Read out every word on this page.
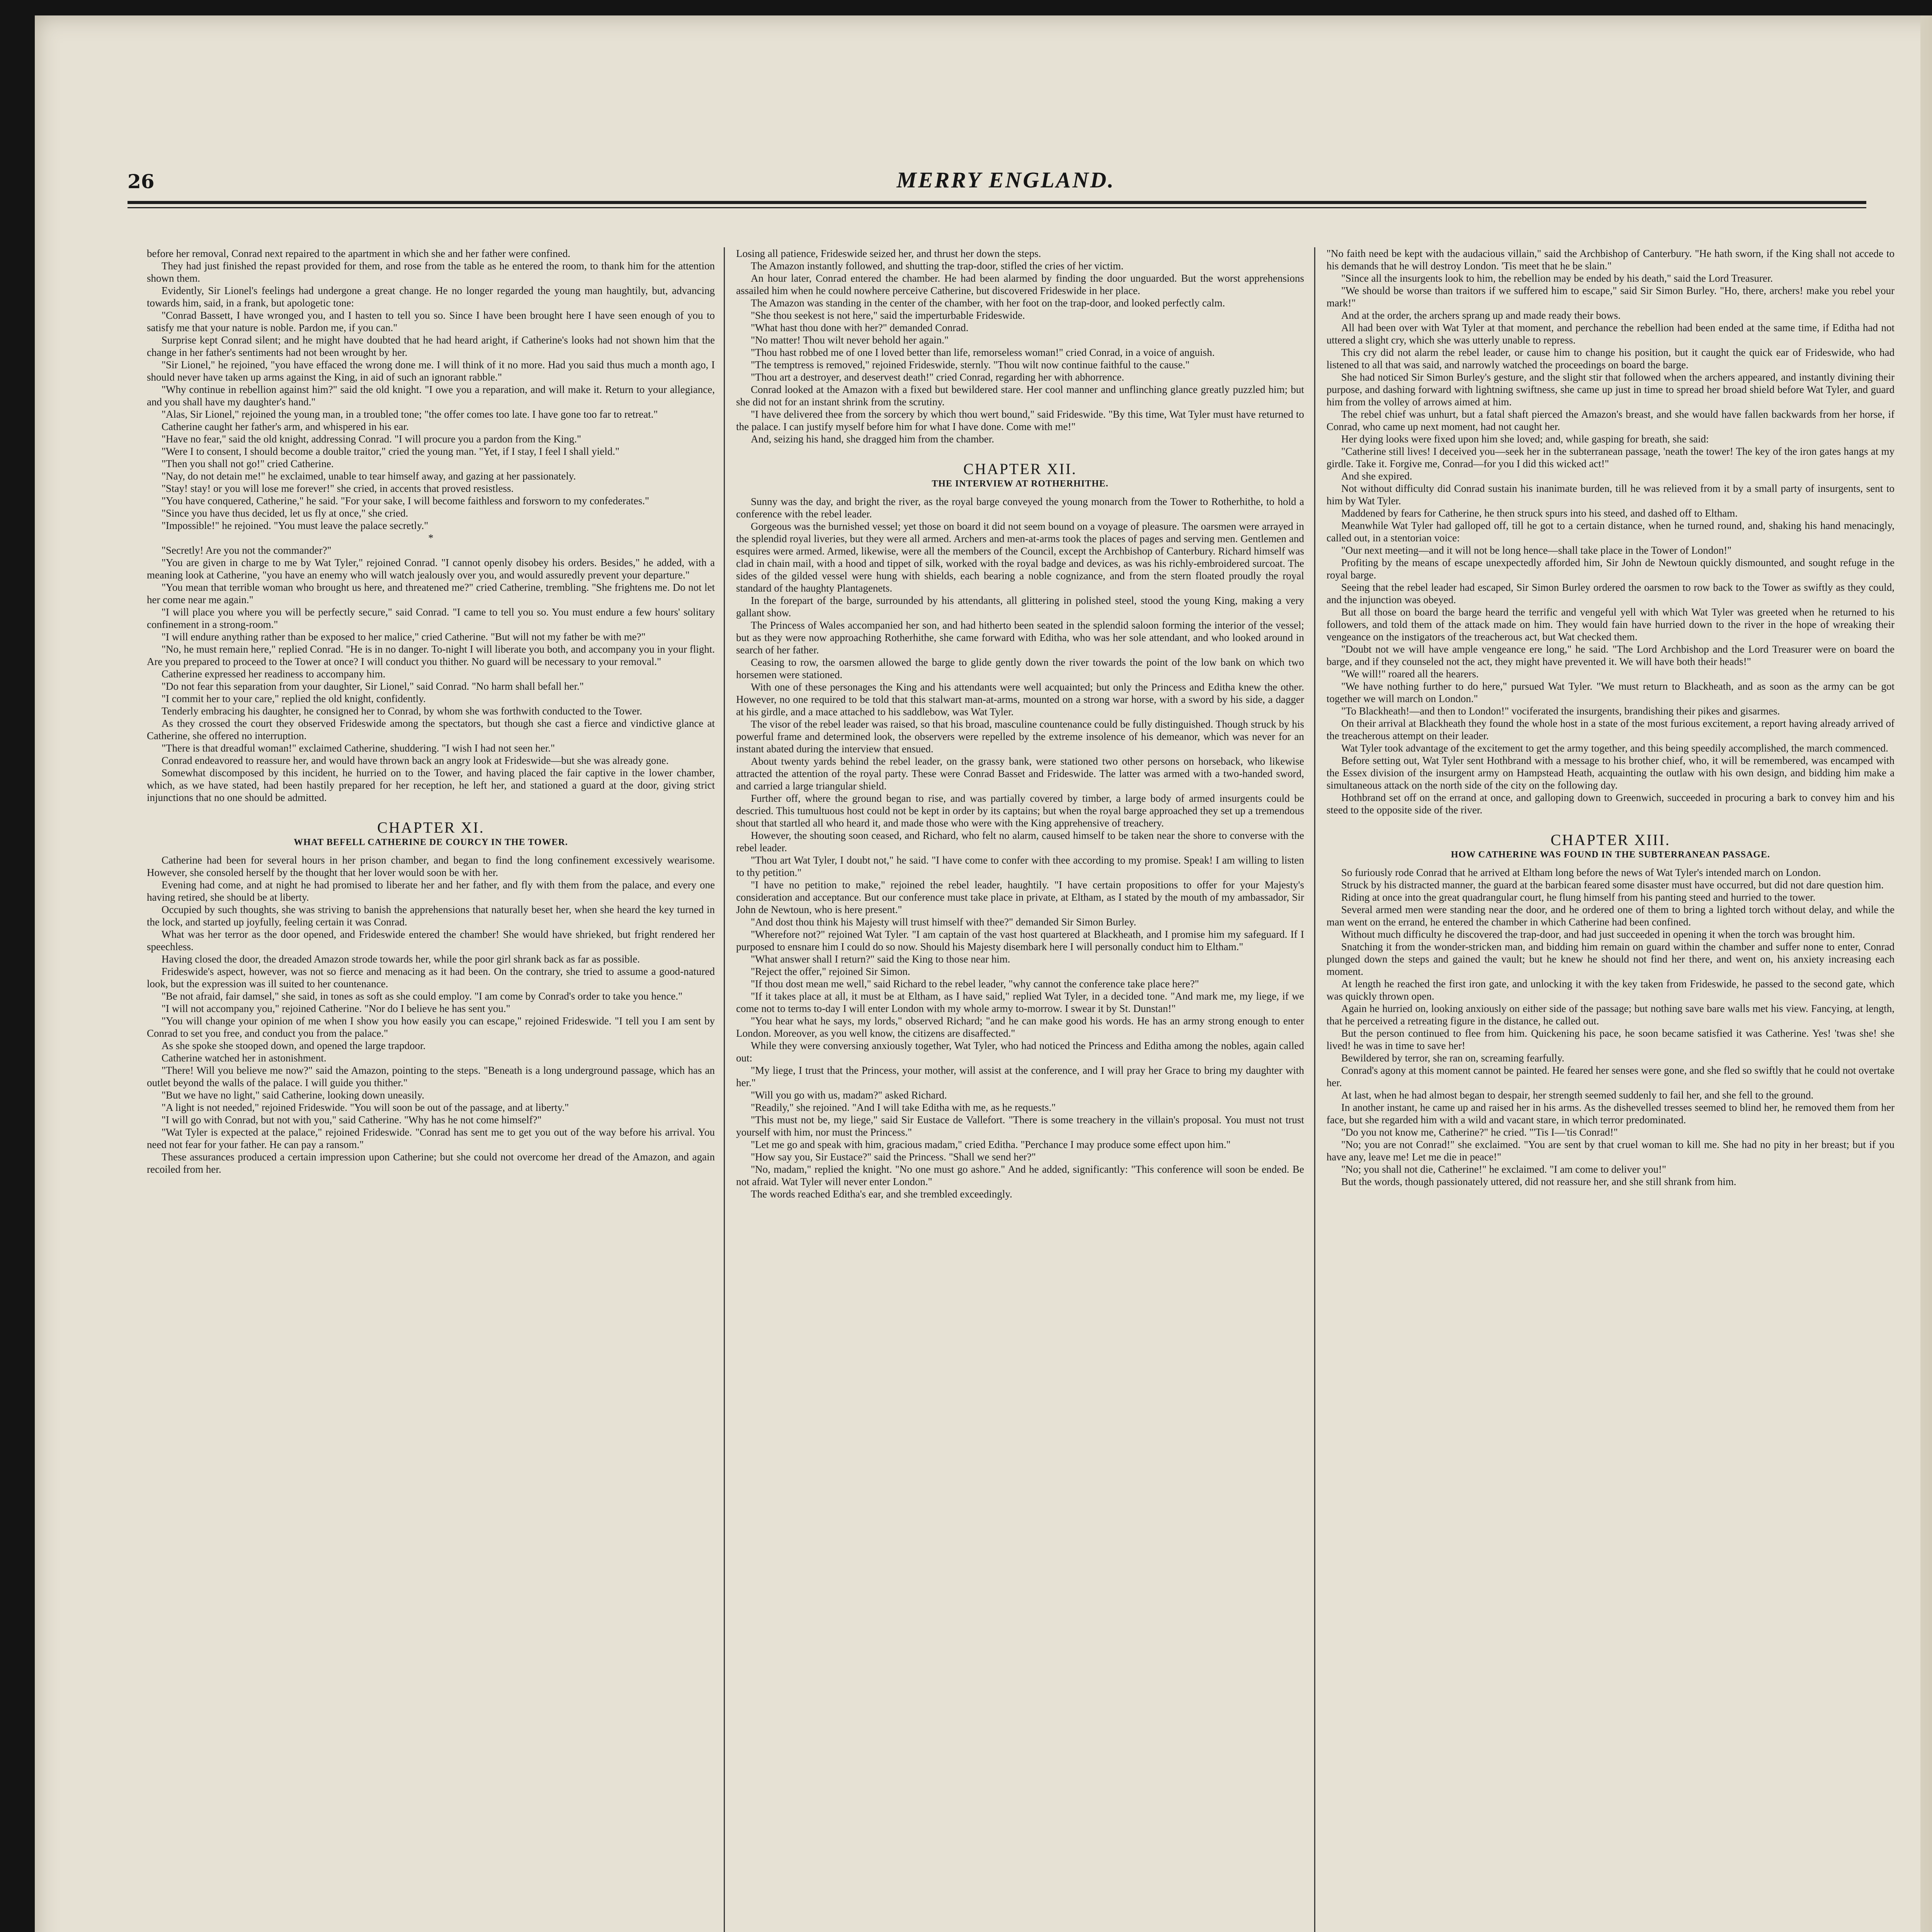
26	MERRY ENGLAND.

before her removal, Conrad next repaired to the apartment in which she and her father were confined.

They had just finished the repast provided for them, and rose from the table as he entered the room, to thank him for the attention shown them.

Evidently, Sir Lionel's feelings had undergone a great change. He no longer regarded the young man haughtily, but, advancing towards him, said, in a frank, but apologetic tone:

"Conrad Bassett, I have wronged you, and I hasten to tell you so. Since I have been brought here I have seen enough of you to satisfy me that your nature is noble. Pardon me, if you can."

Surprise kept Conrad silent; and he might have doubted that he had heard aright, if Catherine's looks had not shown him that the change in her father's sentiments had not been wrought by her.

"Sir Lionel," he rejoined, "you have effaced the wrong done me. I will think of it no more. Had you said thus much a month ago, I should never have taken up arms against the King, in aid of such an ignorant rabble."

"Why continue in rebellion against him?" said the old knight. "I owe you a reparation, and will make it. Return to your allegiance, and you shall have my daughter's hand."

"Alas, Sir Lionel," rejoined the young man, in a troubled tone; "the offer comes too late. I have gone too far to retreat."

Catherine caught her father's arm, and whispered in his ear.

"Have no fear," said the old knight, addressing Conrad. "I will procure you a pardon from the King."

"Were I to consent, I should become a double traitor," cried the young man. "Yet, if I stay, I feel I shall yield."

"Then you shall not go!" cried Catherine.

"Nay, do not detain me!" he exclaimed, unable to tear himself away, and gazing at her passionately.

"Stay! stay! or you will lose me forever!" she cried, in accents that proved resistless.

"You have conquered, Catherine," he said. "For your sake, I will become faithless and forsworn to my confederates."

"Since you have thus decided, let us fly at once," she cried.

"Impossible!" he rejoined. "You must leave the palace secretly."

*

"Secretly! Are you not the commander?"

"You are given in charge to me by Wat Tyler," rejoined Conrad. "I cannot openly disobey his orders. Besides," he added, with a meaning look at Catherine, "you have an enemy who will watch jealously over you, and would assuredly prevent your departure."

"You mean that terrible woman who brought us here, and threatened me?" cried Catherine, trembling. "She frightens me. Do not let her come near me again."

"I will place you where you will be perfectly secure," said Conrad. "I came to tell you so. You must endure a few hours' solitary confinement in a strong-room."

"I will endure anything rather than be exposed to her malice," cried Catherine. "But will not my father be with me?"

"No, he must remain here," replied Conrad. "He is in no danger. To-night I will liberate you both, and accompany you in your flight. Are you prepared to proceed to the Tower at once? I will conduct you thither. No guard will be necessary to your removal."

Catherine expressed her readiness to accompany him.

"Do not fear this separation from your daughter, Sir Lionel," said Conrad. "No harm shall befall her."

"I commit her to your care," replied the old knight, confidently.

Tenderly embracing his daughter, he consigned her to Conrad, by whom she was forthwith conducted to the Tower.

As they crossed the court they observed Frideswide among the spectators, but though she cast a fierce and vindictive glance at Catherine, she offered no interruption.

"There is that dreadful woman!" exclaimed Catherine, shuddering. "I wish I had not seen her."

Conrad endeavored to reassure her, and would have thrown back an angry look at Frideswide—but she was already gone.

Somewhat discomposed by this incident, he hurried on to the Tower, and having placed the fair captive in the lower chamber, which, as we have stated, had been hastily prepared for her reception, he left her, and stationed a guard at the door, giving strict injunctions that no one should be admitted.

CHAPTER XI.
WHAT BEFELL CATHERINE DE COURCY IN THE TOWER.

Catherine had been for several hours in her prison chamber, and began to find the long confinement excessively wearisome. However, she consoled herself by the thought that her lover would soon be with her.

Evening had come, and at night he had promised to liberate her and her father, and fly with them from the palace, and every one having retired, she should be at liberty.

Occupied by such thoughts, she was striving to banish the apprehensions that naturally beset her, when she heard the key turned in the lock, and started up joyfully, feeling certain it was Conrad.

What was her terror as the door opened, and Frideswide entered the chamber! She would have shrieked, but fright rendered her speechless.

Having closed the door, the dreaded Amazon strode towards her, while the poor girl shrank back as far as possible.

Frideswide's aspect, however, was not so fierce and menacing as it had been. On the contrary, she tried to assume a good-natured look, but the expression was ill suited to her countenance.

"Be not afraid, fair damsel," she said, in tones as soft as she could employ. "I am come by Conrad's order to take you hence."

"I will not accompany you," rejoined Catherine. "Nor do I believe he has sent you."

"You will change your opinion of me when I show you how easily you can escape," rejoined Frideswide. "I tell you I am sent by Conrad to set you free, and conduct you from the palace."

As she spoke she stooped down, and opened the large trapdoor.

Catherine watched her in astonishment.

"There! Will you believe me now?" said the Amazon, pointing to the steps. "Beneath is a long underground passage, which has an outlet beyond the walls of the palace. I will guide you thither."

"But we have no light," said Catherine, looking down uneasily.

"A light is not needed," rejoined Frideswide. "You will soon be out of the passage, and at liberty."

"I will go with Conrad, but not with you," said Catherine. "Why has he not come himself?"

"Wat Tyler is expected at the palace," rejoined Frideswide. "Conrad has sent me to get you out of the way before his arrival. You need not fear for your father. He can pay a ransom."

These assurances produced a certain impression upon Catherine; but she could not overcome her dread of the Amazon, and again recoiled from her.

Losing all patience, Frideswide seized her, and thrust her down the steps.

The Amazon instantly followed, and shutting the trap-door, stifled the cries of her victim.

An hour later, Conrad entered the chamber. He had been alarmed by finding the door unguarded. But the worst apprehensions assailed him when he could nowhere perceive Catherine, but discovered Frideswide in her place.

The Amazon was standing in the center of the chamber, with her foot on the trap-door, and looked perfectly calm.

"She thou seekest is not here," said the imperturbable Frideswide.

"What hast thou done with her?" demanded Conrad.

"No matter! Thou wilt never behold her again."

"Thou hast robbed me of one I loved better than life, remorseless woman!" cried Conrad, in a voice of anguish.

"The temptress is removed," rejoined Frideswide, sternly. "Thou wilt now continue faithful to the cause."

"Thou art a destroyer, and deservest death!" cried Conrad, regarding her with abhorrence.

Conrad looked at the Amazon with a fixed but bewildered stare. Her cool manner and unflinching glance greatly puzzled him; but she did not for an instant shrink from the scrutiny.

"I have delivered thee from the sorcery by which thou wert bound," said Frideswide. "By this time, Wat Tyler must have returned to the palace. I can justify myself before him for what I have done. Come with me!"

And, seizing his hand, she dragged him from the chamber.

CHAPTER XII.
THE INTERVIEW AT ROTHERHITHE.

Sunny was the day, and bright the river, as the royal barge conveyed the young monarch from the Tower to Rotherhithe, to hold a conference with the rebel leader.

Gorgeous was the burnished vessel; yet those on board it did not seem bound on a voyage of pleasure. The oarsmen were arrayed in the splendid royal liveries, but they were all armed. Archers and men-at-arms took the places of pages and serving men. Gentlemen and esquires were armed. Armed, likewise, were all the members of the Council, except the Archbishop of Canterbury. Richard himself was clad in chain mail, with a hood and tippet of silk, worked with the royal badge and devices, as was his richly-embroidered surcoat. The sides of the gilded vessel were hung with shields, each bearing a noble cognizance, and from the stern floated proudly the royal standard of the haughty Plantagenets.

In the forepart of the barge, surrounded by his attendants, all glittering in polished steel, stood the young King, making a very gallant show.

The Princess of Wales accompanied her son, and had hitherto been seated in the splendid saloon forming the interior of the vessel; but as they were now approaching Rotherhithe, she came forward with Editha, who was her sole attendant, and who looked around in search of her father.

Ceasing to row, the oarsmen allowed the barge to glide gently down the river towards the point of the low bank on which two horsemen were stationed.

With one of these personages the King and his attendants were well acquainted; but only the Princess and Editha knew the other. However, no one required to be told that this stalwart man-at-arms, mounted on a strong war horse, with a sword by his side, a dagger at his girdle, and a mace attached to his saddlebow, was Wat Tyler.

The visor of the rebel leader was raised, so that his broad, masculine countenance could be fully distinguished. Though struck by his powerful frame and determined look, the observers were repelled by the extreme insolence of his demeanor, which was never for an instant abated during the interview that ensued.

About twenty yards behind the rebel leader, on the grassy bank, were stationed two other persons on horseback, who likewise attracted the attention of the royal party. These were Conrad Basset and Frideswide. The latter was armed with a two-handed sword, and carried a large triangular shield.

Further off, where the ground began to rise, and was partially covered by timber, a large body of armed insurgents could be descried. This tumultuous host could not be kept in order by its captains; but when the royal barge approached they set up a tremendous shout that startled all who heard it, and made those who were with the King apprehensive of treachery.

However, the shouting soon ceased, and Richard, who felt no alarm, caused himself to be taken near the shore to converse with the rebel leader.

"Thou art Wat Tyler, I doubt not," he said. "I have come to confer with thee according to my promise. Speak! I am willing to listen to thy petition."

"I have no petition to make," rejoined the rebel leader, haughtily. "I have certain propositions to offer for your Majesty's consideration and acceptance. But our conference must take place in private, at Eltham, as I stated by the mouth of my ambassador, Sir John de Newtoun, who is here present."

"And dost thou think his Majesty will trust himself with thee?" demanded Sir Simon Burley.

"Wherefore not?" rejoined Wat Tyler. "I am captain of the vast host quartered at Blackheath, and I promise him my safeguard. If I purposed to ensnare him I could do so now. Should his Majesty disembark here I will personally conduct him to Eltham."

"What answer shall I return?" said the King to those near him.

"Reject the offer," rejoined Sir Simon.

"If thou dost mean me well," said Richard to the rebel leader, "why cannot the conference take place here?"

"If it takes place at all, it must be at Eltham, as I have said," replied Wat Tyler, in a decided tone. "And mark me, my liege, if we come not to terms to-day I will enter London with my whole army to-morrow. I swear it by St. Dunstan!"

"You hear what he says, my lords," observed Richard; "and he can make good his words. He has an army strong enough to enter London. Moreover, as you well know, the citizens are disaffected."

While they were conversing anxiously together, Wat Tyler, who had noticed the Princess and Editha among the nobles, again called out:

"My liege, I trust that the Princess, your mother, will assist at the conference, and I will pray her Grace to bring my daughter with her."

"Will you go with us, madam?" asked Richard.

"Readily," she rejoined. "And I will take Editha with me, as he requests."

"This must not be, my liege," said Sir Eustace de Vallefort. "There is some treachery in the villain's proposal. You must not trust yourself with him, nor must the Princess."

"Let me go and speak with him, gracious madam," cried Editha. "Perchance I may produce some effect upon him."

"How say you, Sir Eustace?" said the Princess. "Shall we send her?"

"No, madam," replied the knight. "No one must go ashore." And he added, significantly: "This conference will soon be ended. Be not afraid. Wat Tyler will never enter London."

The words reached Editha's ear, and she trembled exceedingly.

"No faith need be kept with the audacious villain," said the Archbishop of Canterbury. "He hath sworn, if the King shall not accede to his demands that he will destroy London. 'Tis meet that he be slain."

"Since all the insurgents look to him, the rebellion may be ended by his death," said the Lord Treasurer.

"We should be worse than traitors if we suffered him to escape," said Sir Simon Burley. "Ho, there, archers! make you rebel your mark!"

And at the order, the archers sprang up and made ready their bows.

All had been over with Wat Tyler at that moment, and perchance the rebellion had been ended at the same time, if Editha had not uttered a slight cry, which she was utterly unable to repress.

This cry did not alarm the rebel leader, or cause him to change his position, but it caught the quick ear of Frideswide, who had listened to all that was said, and narrowly watched the proceedings on board the barge.

She had noticed Sir Simon Burley's gesture, and the slight stir that followed when the archers appeared, and instantly divining their purpose, and dashing forward with lightning swiftness, she came up just in time to spread her broad shield before Wat Tyler, and guard him from the volley of arrows aimed at him.

The rebel chief was unhurt, but a fatal shaft pierced the Amazon's breast, and she would have fallen backwards from her horse, if Conrad, who came up next moment, had not caught her.

Her dying looks were fixed upon him she loved; and, while gasping for breath, she said:

"Catherine still lives! I deceived you—seek her in the subterranean passage, 'neath the tower! The key of the iron gates hangs at my girdle. Take it. Forgive me, Conrad—for you I did this wicked act!"

And she expired.

Not without difficulty did Conrad sustain his inanimate burden, till he was relieved from it by a small party of insurgents, sent to him by Wat Tyler.

Maddened by fears for Catherine, he then struck spurs into his steed, and dashed off to Eltham.

Meanwhile Wat Tyler had galloped off, till he got to a certain distance, when he turned round, and, shaking his hand menacingly, called out, in a stentorian voice:

"Our next meeting—and it will not be long hence—shall take place in the Tower of London!"

Profiting by the means of escape unexpectedly afforded him, Sir John de Newtoun quickly dismounted, and sought refuge in the royal barge.

Seeing that the rebel leader had escaped, Sir Simon Burley ordered the oarsmen to row back to the Tower as swiftly as they could, and the injunction was obeyed.

But all those on board the barge heard the terrific and vengeful yell with which Wat Tyler was greeted when he returned to his followers, and told them of the attack made on him. They would fain have hurried down to the river in the hope of wreaking their vengeance on the instigators of the treacherous act, but Wat checked them.

"Doubt not we will have ample vengeance ere long," he said. "The Lord Archbishop and the Lord Treasurer were on board the barge, and if they counseled not the act, they might have prevented it. We will have both their heads!"

"We will!" roared all the hearers.

"We have nothing further to do here," pursued Wat Tyler. "We must return to Blackheath, and as soon as the army can be got together we will march on London."

"To Blackheath!—and then to London!" vociferated the insurgents, brandishing their pikes and gisarmes.

On their arrival at Blackheath they found the whole host in a state of the most furious excitement, a report having already arrived of the treacherous attempt on their leader.

Wat Tyler took advantage of the excitement to get the army together, and this being speedily accomplished, the march commenced.

Before setting out, Wat Tyler sent Hothbrand with a message to his brother chief, who, it will be remembered, was encamped with the Essex division of the insurgent army on Hampstead Heath, acquainting the outlaw with his own design, and bidding him make a simultaneous attack on the north side of the city on the following day.

Hothbrand set off on the errand at once, and galloping down to Greenwich, succeeded in procuring a bark to convey him and his steed to the opposite side of the river.

CHAPTER XIII.
HOW CATHERINE WAS FOUND IN THE SUBTERRANEAN PASSAGE.

So furiously rode Conrad that he arrived at Eltham long before the news of Wat Tyler's intended march on London.

Struck by his distracted manner, the guard at the barbican feared some disaster must have occurred, but did not dare question him.

Riding at once into the great quadrangular court, he flung himself from his panting steed and hurried to the tower.

Several armed men were standing near the door, and he ordered one of them to bring a lighted torch without delay, and while the man went on the errand, he entered the chamber in which Catherine had been confined.

Without much difficulty he discovered the trap-door, and had just succeeded in opening it when the torch was brought him.

Snatching it from the wonder-stricken man, and bidding him remain on guard within the chamber and suffer none to enter, Conrad plunged down the steps and gained the vault; but he knew he should not find her there, and went on, his anxiety increasing each moment.

At length he reached the first iron gate, and unlocking it with the key taken from Frideswide, he passed to the second gate, which was quickly thrown open.

Again he hurried on, looking anxiously on either side of the passage; but nothing save bare walls met his view. Fancying, at length, that he perceived a retreating figure in the distance, he called out.

But the person continued to flee from him. Quickening his pace, he soon became satisfied it was Catherine. Yes! 'twas she! she lived! he was in time to save her!

Bewildered by terror, she ran on, screaming fearfully.

Conrad's agony at this moment cannot be painted. He feared her senses were gone, and she fled so swiftly that he could not overtake her.

At last, when he had almost began to despair, her strength seemed suddenly to fail her, and she fell to the ground.

In another instant, he came up and raised her in his arms. As the dishevelled tresses seemed to blind her, he removed them from her face, but she regarded him with a wild and vacant stare, in which terror predominated.

"Do you not know me, Catherine?" he cried. "'Tis I—'tis Conrad!"

"No; you are not Conrad!" she exclaimed. "You are sent by that cruel woman to kill me. She had no pity in her breast; but if you have any, leave me! Let me die in peace!"

"No; you shall not die, Catherine!" he exclaimed. "I am come to deliver you!"

But the words, though passionately uttered, did not reassure her, and she still shrank from him.
